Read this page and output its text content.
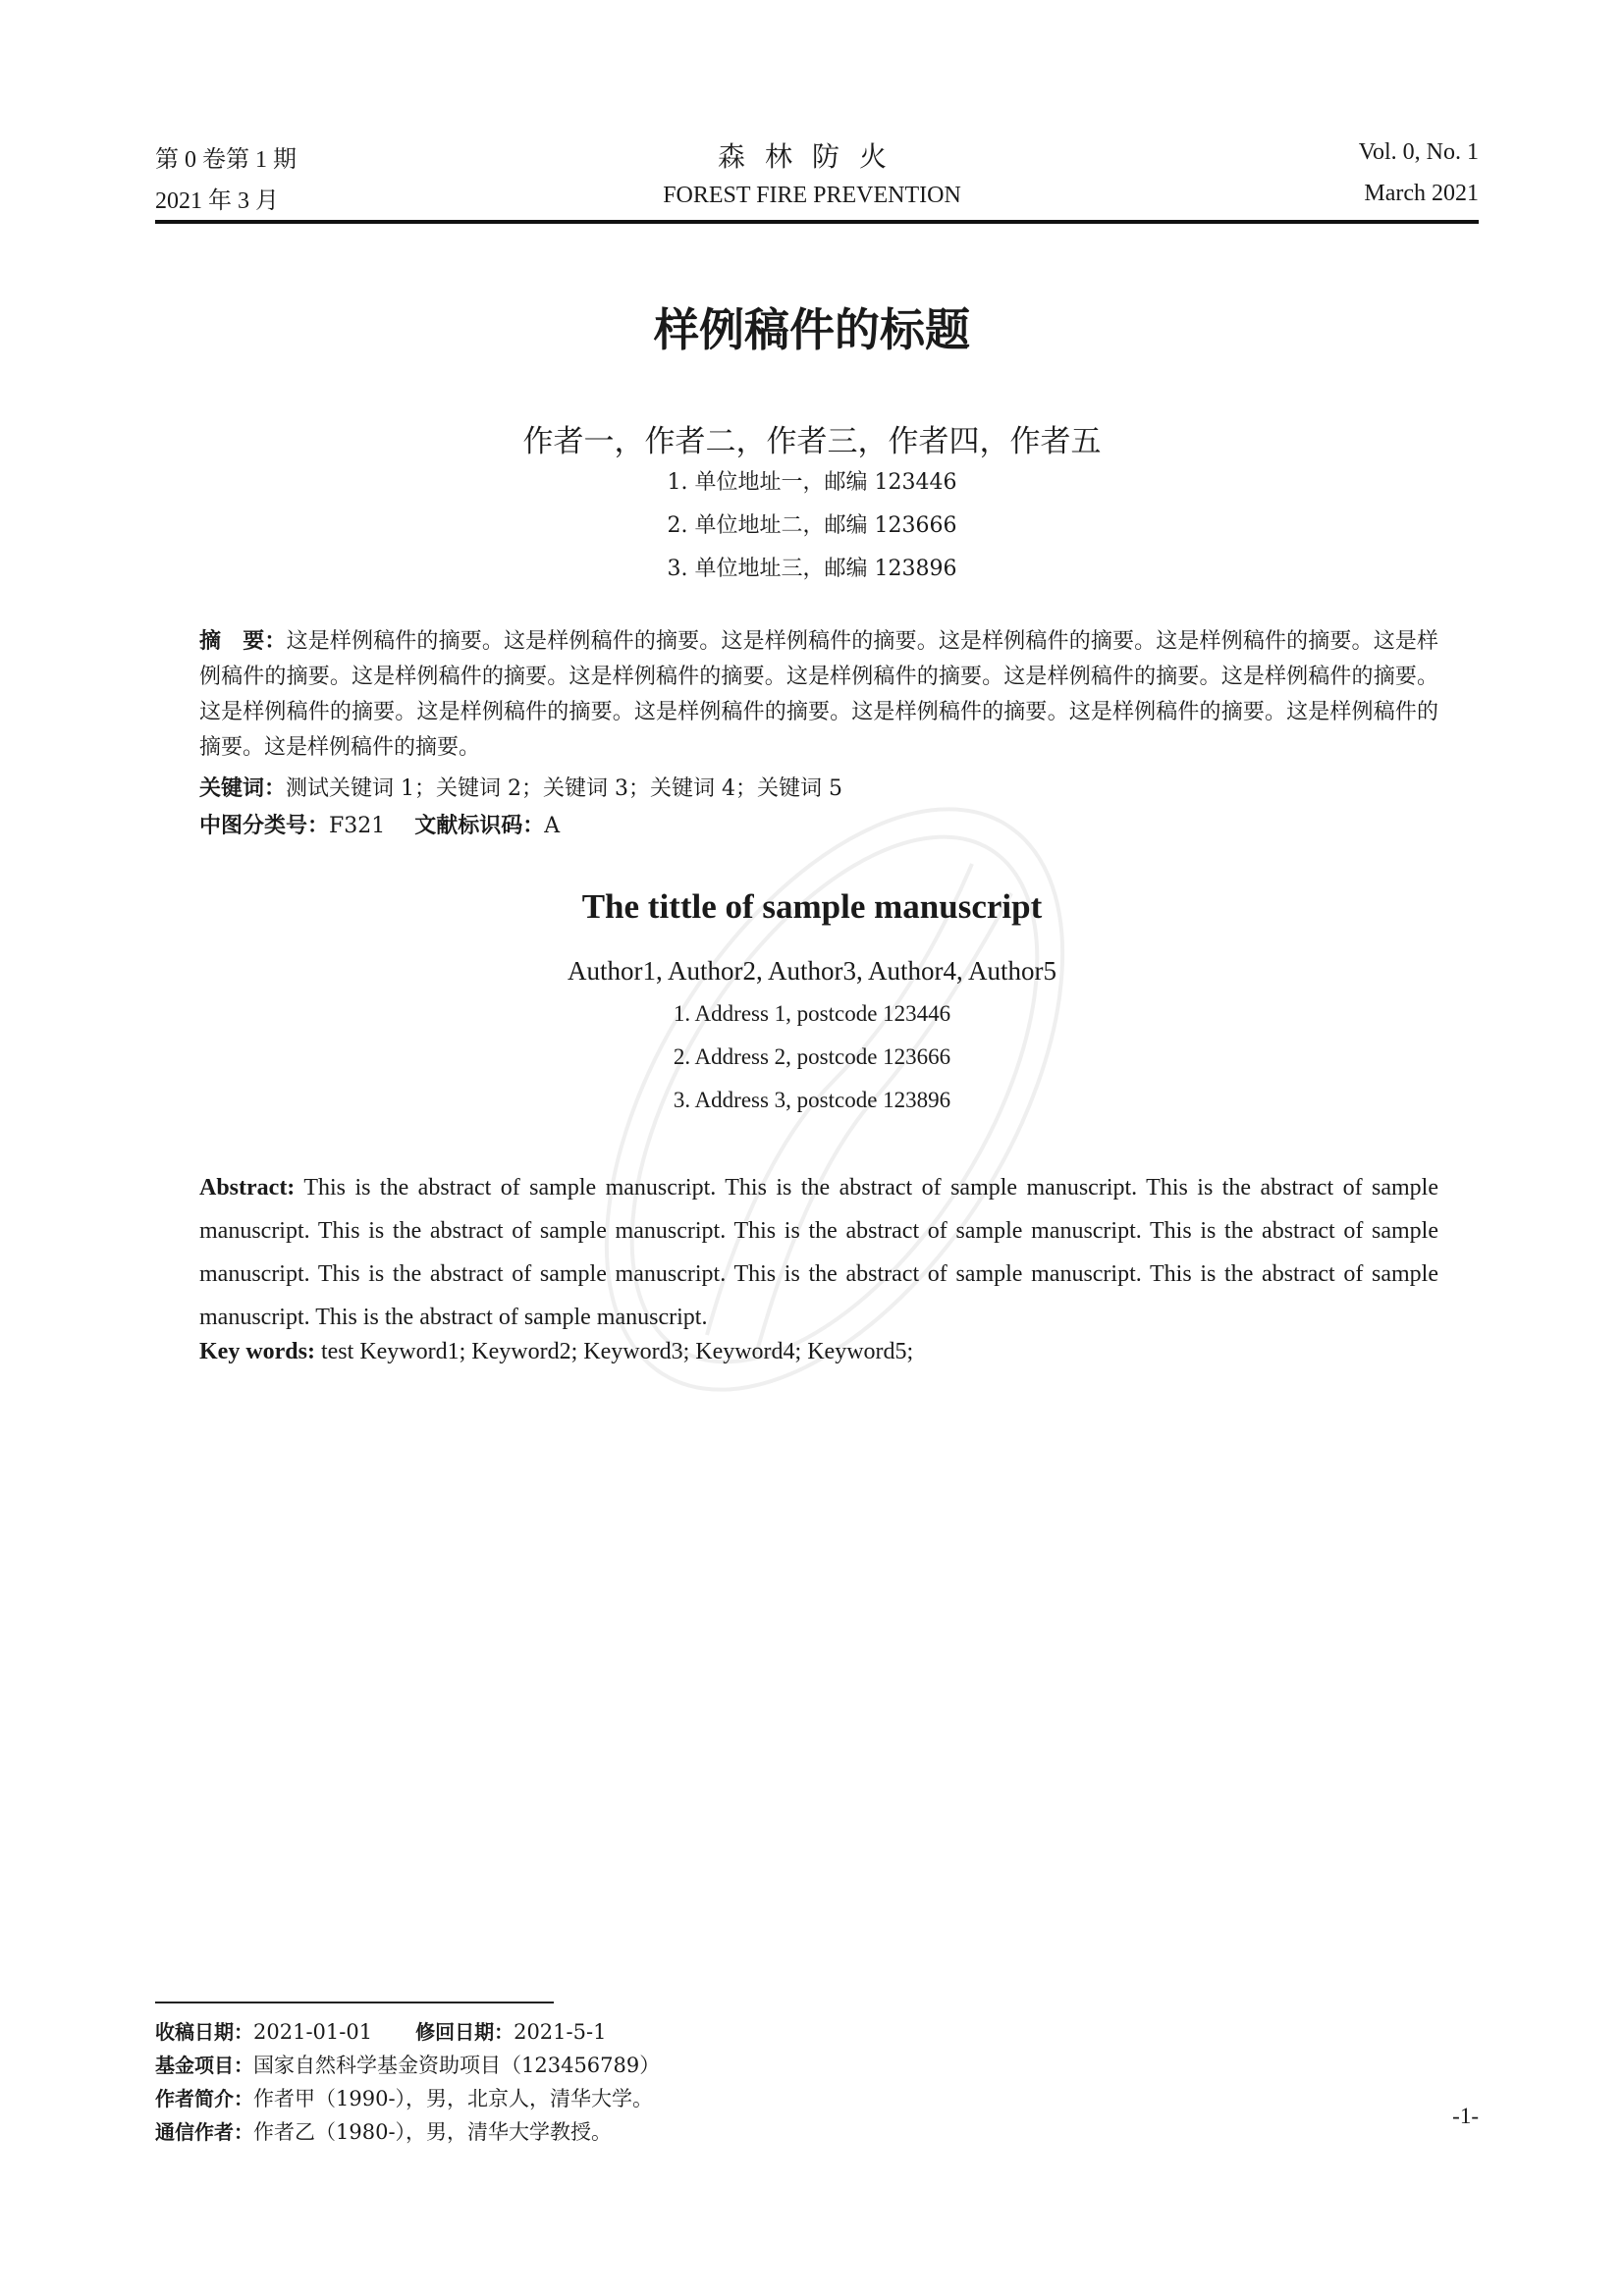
第 0 卷第 1 期

2021 年 3 月

森林防火

FOREST FIRE PREVENTION

Vol. 0, No. 1

March 2021

样例稿件的标题

作者一，作者二，作者三，作者四，作者五

1. 单位地址一，邮编 123446

2. 单位地址二，邮编 123666

3. 单位地址三，邮编 123896

摘　要：这是样例稿件的摘要。这是样例稿件的摘要。这是样例稿件的摘要。这是样例稿件的摘要。这是样例稿件的摘要。这是样例稿件的摘要。这是样例稿件的摘要。这是样例稿件的摘要。这是样例稿件的摘要。这是样例稿件的摘要。这是样例稿件的摘要。这是样例稿件的摘要。这是样例稿件的摘要。这是样例稿件的摘要。这是样例稿件的摘要。这是样例稿件的摘要。这是样例稿件的摘要。这是样例稿件的摘要。

关键词：测试关键词 1；关键词 2；关键词 3；关键词 4；关键词 5

中图分类号：F321 文献标识码：A

The tittle of sample manuscript

Author1, Author2, Author3, Author4, Author5

1. Address 1, postcode 123446

2. Address 2, postcode 123666

3. Address 3, postcode 123896

Abstract: This is the abstract of sample manuscript. This is the abstract of sample manuscript. This is the abstract of sample manuscript. This is the abstract of sample manuscript. This is the abstract of sample manuscript. This is the abstract of sample manuscript. This is the abstract of sample manuscript. This is the abstract of sample manuscript. This is the abstract of sample manuscript. This is the abstract of sample manuscript.

Key words: test Keyword1; Keyword2; Keyword3; Keyword4; Keyword5;

收稿日期：2021-01-01 修回日期：2021-5-1

基金项目：国家自然科学基金资助项目（123456789）

作者简介：作者甲（1990-），男，北京人，清华大学。

通信作者：作者乙（1980-），男，清华大学教授。

-1-
